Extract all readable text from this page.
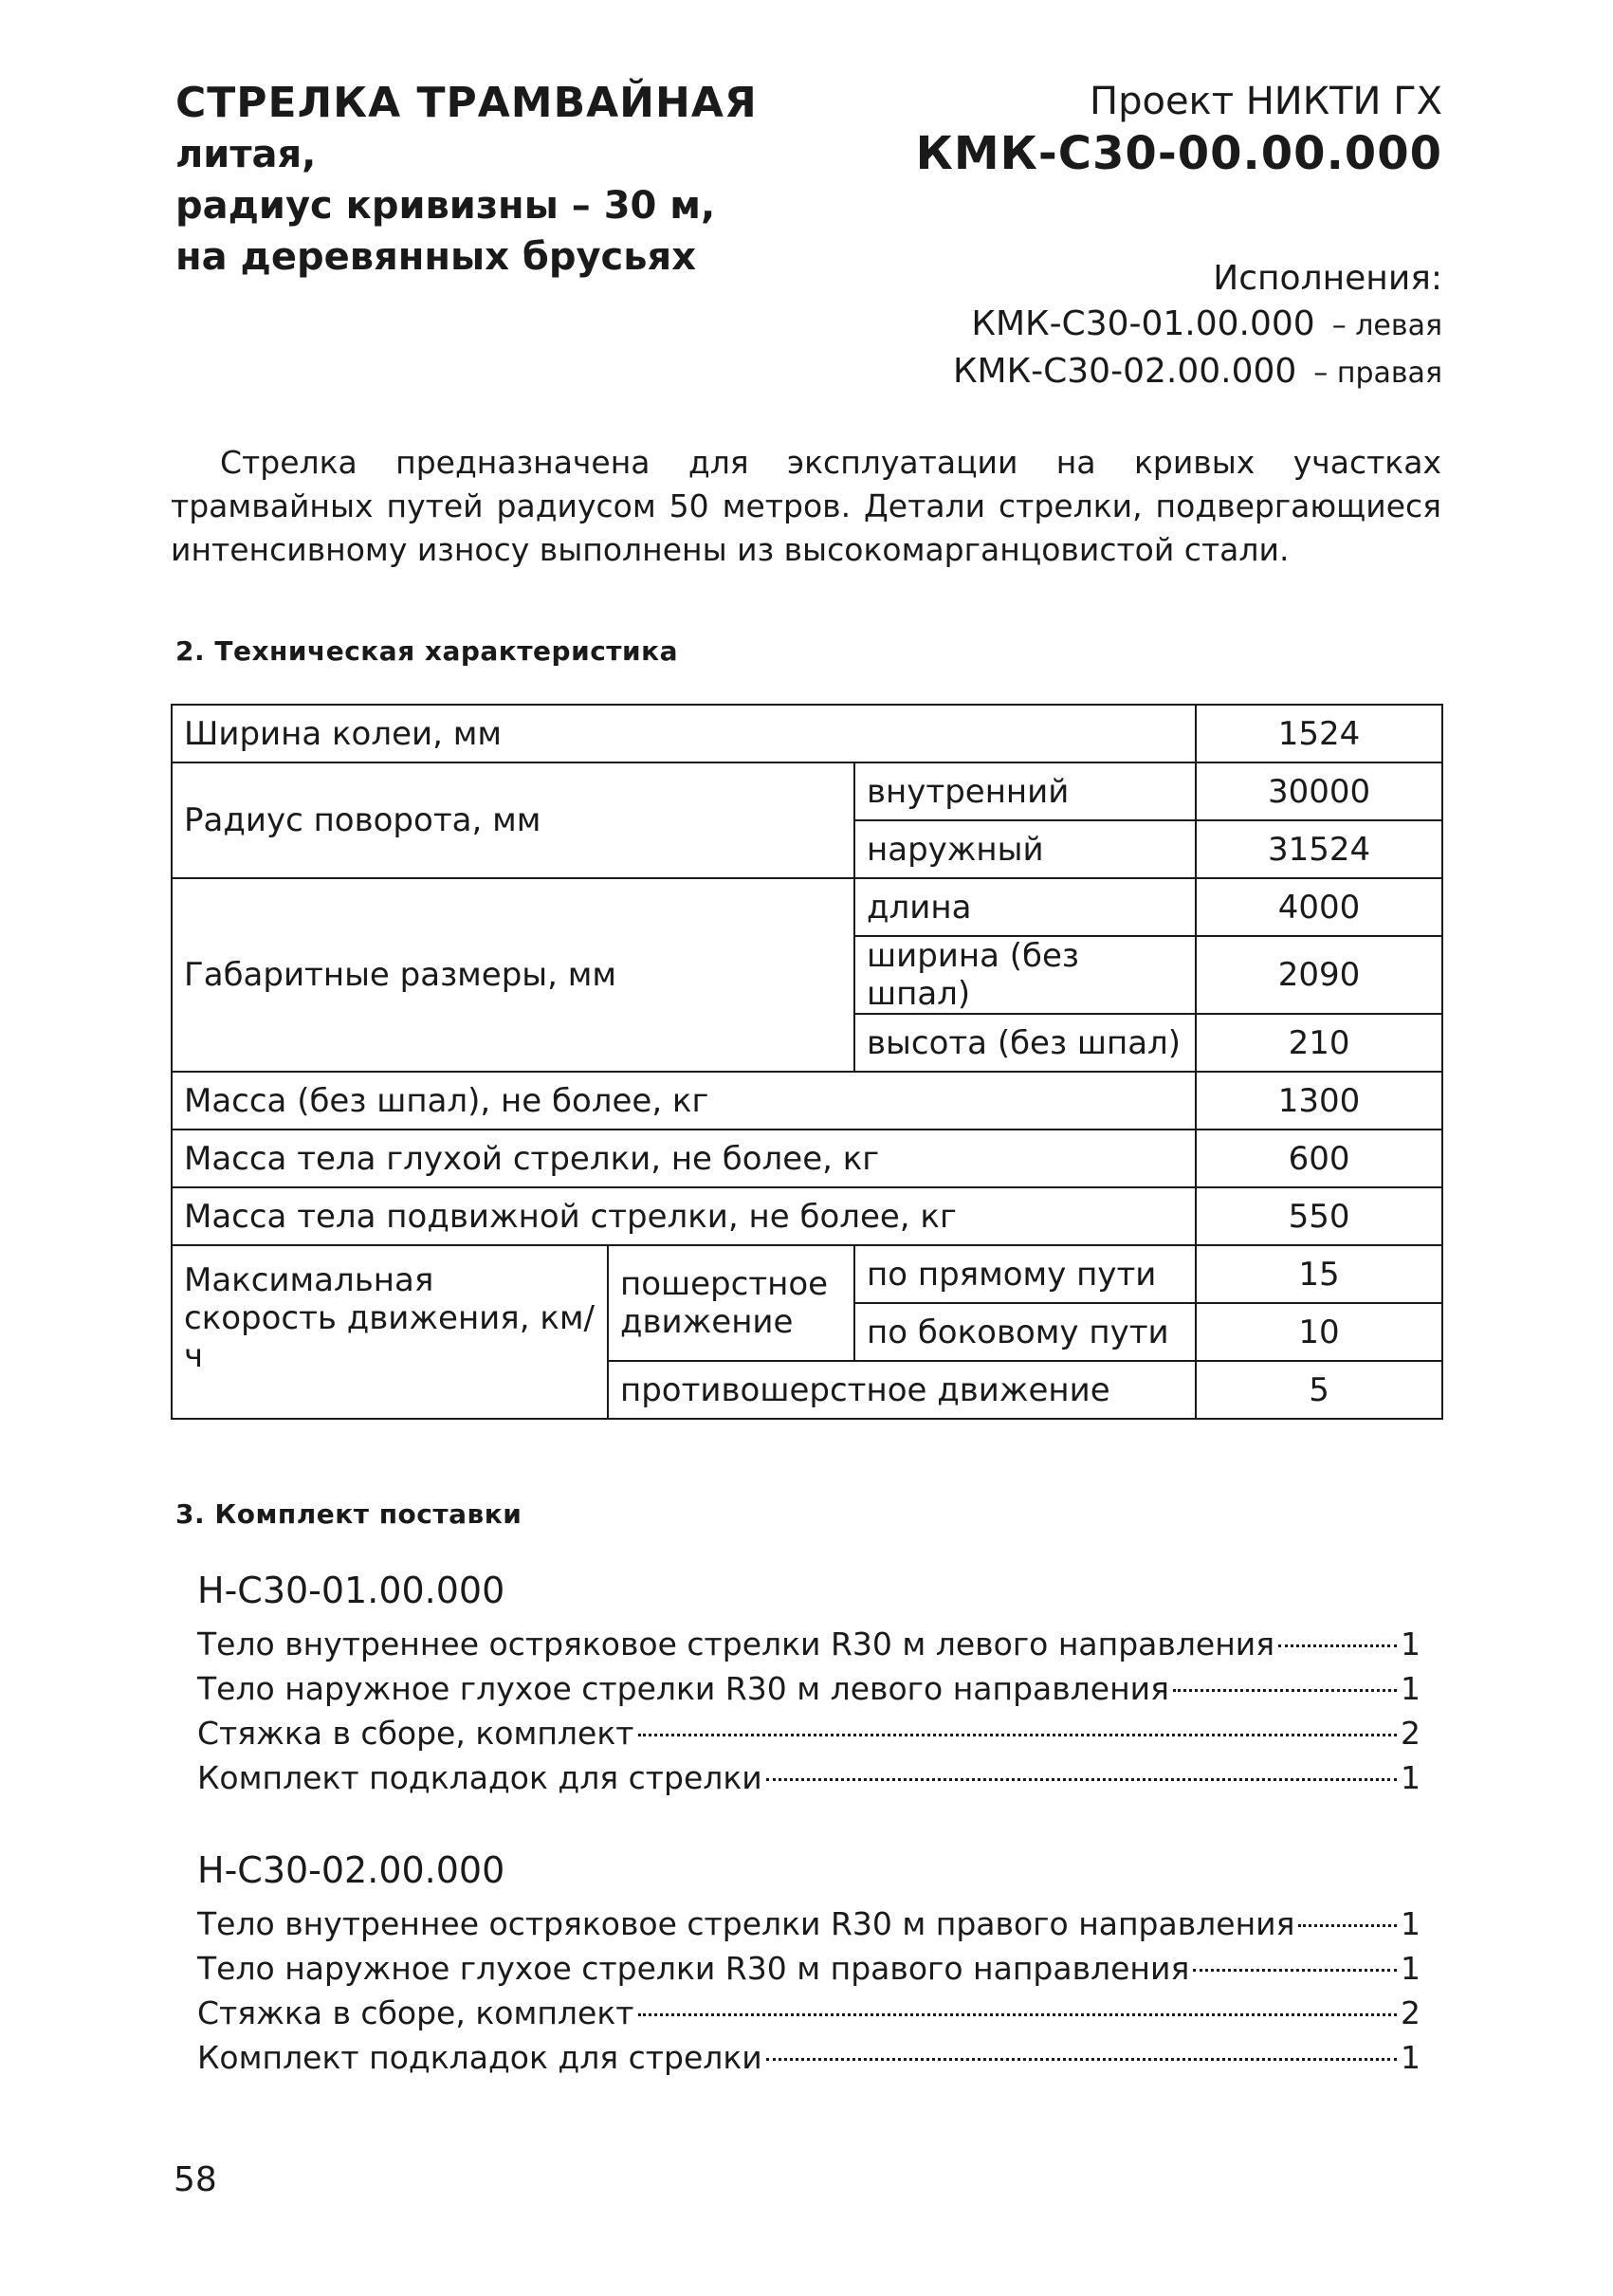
СТРЕЛКА ТРАМВАЙНАЯ
литая,
радиус кривизны – 30 м,
на деревянных брусьях
Проект НИКТИ ГХ
КМК-С30-00.00.000
Исполнения:
КМК-С30-01.00.000 – левая
КМК-С30-02.00.000 – правая
Стрелка предназначена для эксплуатации на кривых участках трамвайных путей радиусом 50 метров. Детали стрелки, подвергающиеся интенсивному износу выполнены из высокомарганцовистой стали.
2. Техническая характеристика
Ширина колеи, мм			1524
Радиус поворота, мм		внутренний	30000
		наружный	31524
Габаритные размеры, мм		длина	4000
		ширина (без шпал)	2090
		высота (без шпал)	210
Масса (без шпал), не более, кг			1300
Масса тела глухой стрелки, не более, кг			600
Масса тела подвижной стрелки, не более, кг			550
Максимальная скорость движения, км/ч	пошерстное движение	по прямому пути	15
		по боковому пути	10
	противошерстное движение		5
3. Комплект поставки
Н-С30-01.00.000
Тело внутреннее остряковое стрелки R30 м левого направления	1
Тело наружное глухое стрелки R30 м левого направления	1
Стяжка в сборе, комплект	2
Комплект подкладок для стрелки	1
Н-С30-02.00.000
Тело внутреннее остряковое стрелки R30 м правого направления	1
Тело наружное глухое стрелки R30 м правого направления	1
Стяжка в сборе, комплект	2
Комплект подкладок для стрелки	1
58
